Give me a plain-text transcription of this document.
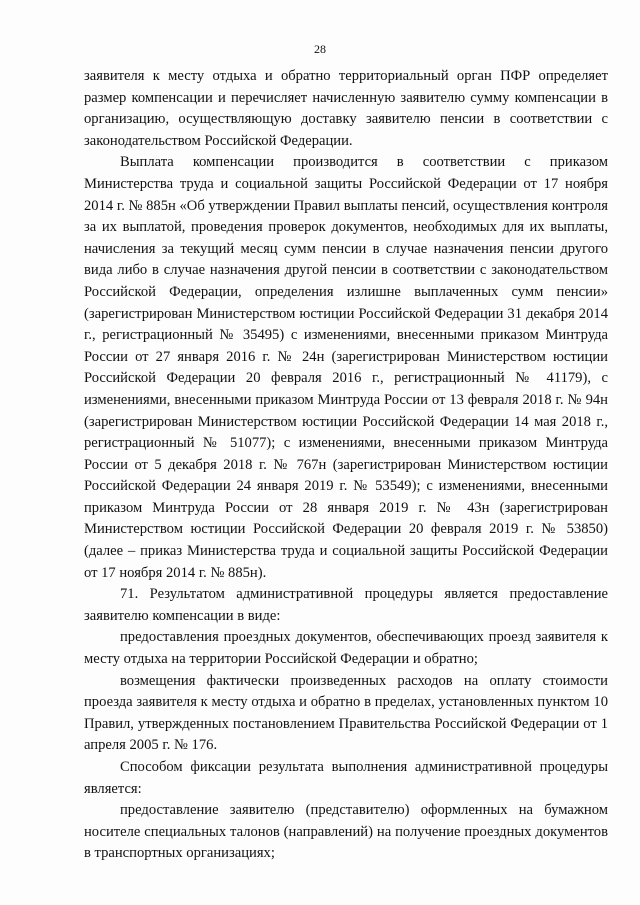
28

заявителя к месту отдыха и обратно территориальный орган ПФР определяет размер компенсации и перечисляет начисленную заявителю сумму компенсации в организацию, осуществляющую доставку заявителю пенсии в соответствии с законодательством Российской Федерации.

Выплата компенсации производится в соответствии с приказом Министерства труда и социальной защиты Российской Федерации от 17 ноября 2014 г. № 885н «Об утверждении Правил выплаты пенсий, осуществления контроля за их выплатой, проведения проверок документов, необходимых для их выплаты, начисления за текущий месяц сумм пенсии в случае назначения пенсии другого вида либо в случае назначения другой пенсии в соответствии с законодательством Российской Федерации, определения излишне выплаченных сумм пенсии» (зарегистрирован Министерством юстиции Российской Федерации 31 декабря 2014 г., регистрационный № 35495) с изменениями, внесенными приказом Минтруда России от 27 января 2016 г. № 24н (зарегистрирован Министерством юстиции Российской Федерации 20 февраля 2016 г., регистрационный № 41179), с изменениями, внесенными приказом Минтруда России от 13 февраля 2018 г. № 94н (зарегистрирован Министерством юстиции Российской Федерации 14 мая 2018 г., регистрационный № 51077); с изменениями, внесенными приказом Минтруда России от 5 декабря 2018 г. № 767н (зарегистрирован Министерством юстиции Российской Федерации 24 января 2019 г. № 53549); с изменениями, внесенными приказом Минтруда России от 28 января 2019 г. № 43н (зарегистрирован Министерством юстиции Российской Федерации 20 февраля 2019 г. № 53850) (далее – приказ Министерства труда и социальной защиты Российской Федерации от 17 ноября 2014 г. № 885н).

71. Результатом административной процедуры является предоставление заявителю компенсации в виде:

предоставления проездных документов, обеспечивающих проезд заявителя к месту отдыха на территории Российской Федерации и обратно;

возмещения фактически произведенных расходов на оплату стоимости проезда заявителя к месту отдыха и обратно в пределах, установленных пунктом 10 Правил, утвержденных постановлением Правительства Российской Федерации от 1 апреля 2005 г. № 176.

Способом фиксации результата выполнения административной процедуры является:

предоставление заявителю (представителю) оформленных на бумажном носителе специальных талонов (направлений) на получение проездных документов в транспортных организациях;
